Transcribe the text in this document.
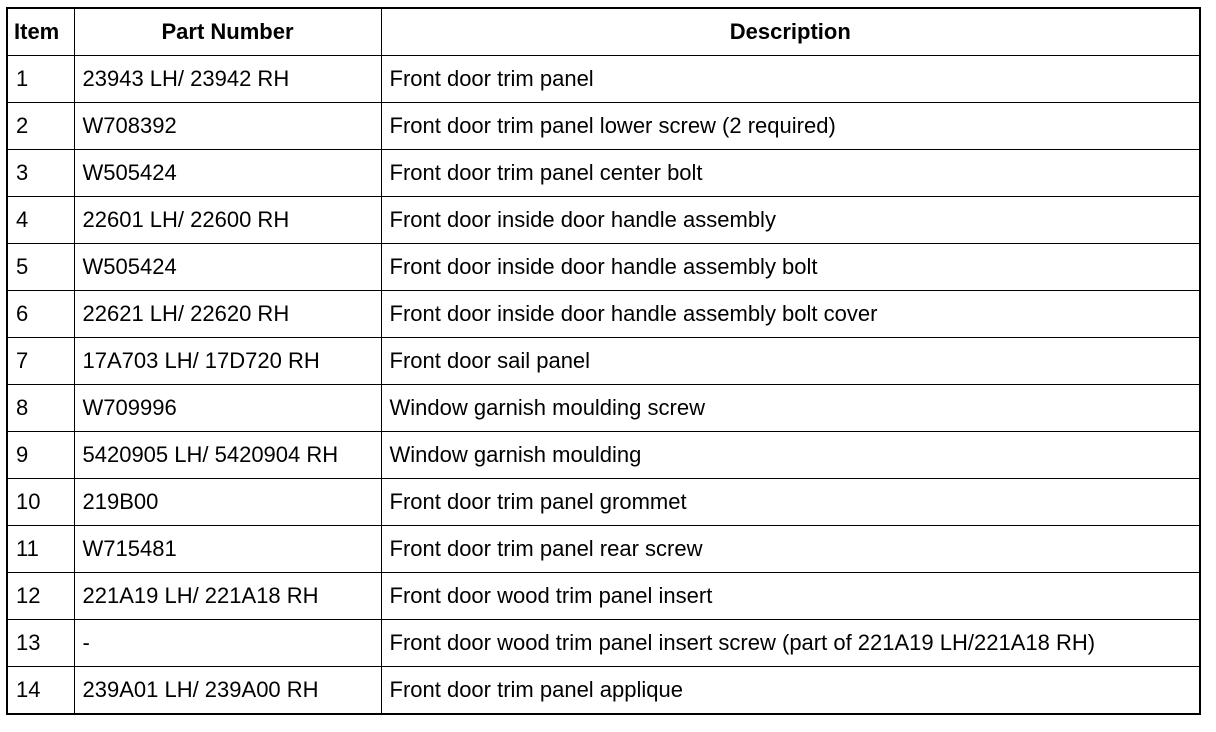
Item	Part Number	Description
1	23943 LH/ 23942 RH	Front door trim panel
2	W708392	Front door trim panel lower screw (2 required)
3	W505424	Front door trim panel center bolt
4	22601 LH/ 22600 RH	Front door inside door handle assembly
5	W505424	Front door inside door handle assembly bolt
6	22621 LH/ 22620 RH	Front door inside door handle assembly bolt cover
7	17A703 LH/ 17D720 RH	Front door sail panel
8	W709996	Window garnish moulding screw
9	5420905 LH/ 5420904 RH	Window garnish moulding
10	219B00	Front door trim panel grommet
11	W715481	Front door trim panel rear screw
12	221A19 LH/ 221A18 RH	Front door wood trim panel insert
13	-	Front door wood trim panel insert screw (part of 221A19 LH/221A18 RH)
14	239A01 LH/ 239A00 RH	Front door trim panel applique
